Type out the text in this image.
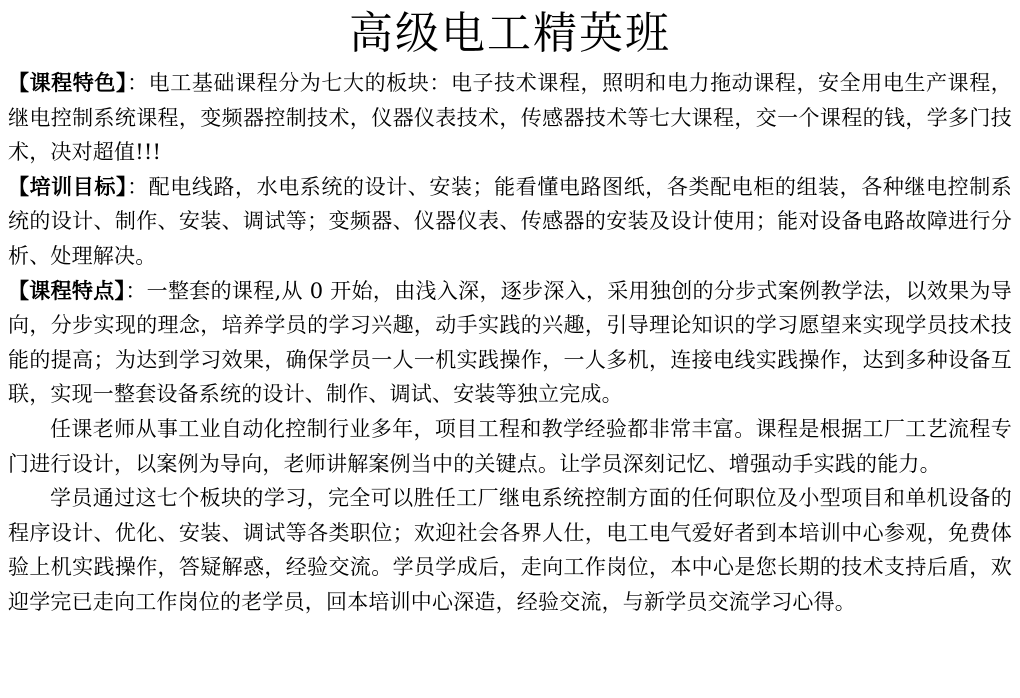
高级电工精英班

【课程特色】：电工基础课程分为七大的板块：电子技术课程，照明和电力拖动课程，安全用电生产课程，继电控制系统课程，变频器控制技术，仪器仪表技术，传感器技术等七大课程，交一个课程的钱，学多门技术，决对超值!!!

【培训目标】：配电线路，水电系统的设计、安装；能看懂电路图纸，各类配电柜的组装，各种继电控制系统的设计、制作、安装、调试等；变频器、仪器仪表、传感器的安装及设计使用；能对设备电路故障进行分析、处理解决。

【课程特点】：一整套的课程,从 0 开始，由浅入深，逐步深入，采用独创的分步式案例教学法，以效果为导向，分步实现的理念，培养学员的学习兴趣，动手实践的兴趣，引导理论知识的学习愿望来实现学员技术技能的提高；为达到学习效果，确保学员一人一机实践操作，一人多机，连接电线实践操作，达到多种设备互联，实现一整套设备系统的设计、制作、调试、安装等独立完成。

任课老师从事工业自动化控制行业多年，项目工程和教学经验都非常丰富。课程是根据工厂工艺流程专门进行设计，以案例为导向，老师讲解案例当中的关键点。让学员深刻记忆、增强动手实践的能力。

学员通过这七个板块的学习，完全可以胜任工厂继电系统控制方面的任何职位及小型项目和单机设备的程序设计、优化、安装、调试等各类职位；欢迎社会各界人仕，电工电气爱好者到本培训中心参观，免费体验上机实践操作，答疑解惑，经验交流。学员学成后，走向工作岗位，本中心是您长期的技术支持后盾，欢迎学完已走向工作岗位的老学员，回本培训中心深造，经验交流，与新学员交流学习心得。
